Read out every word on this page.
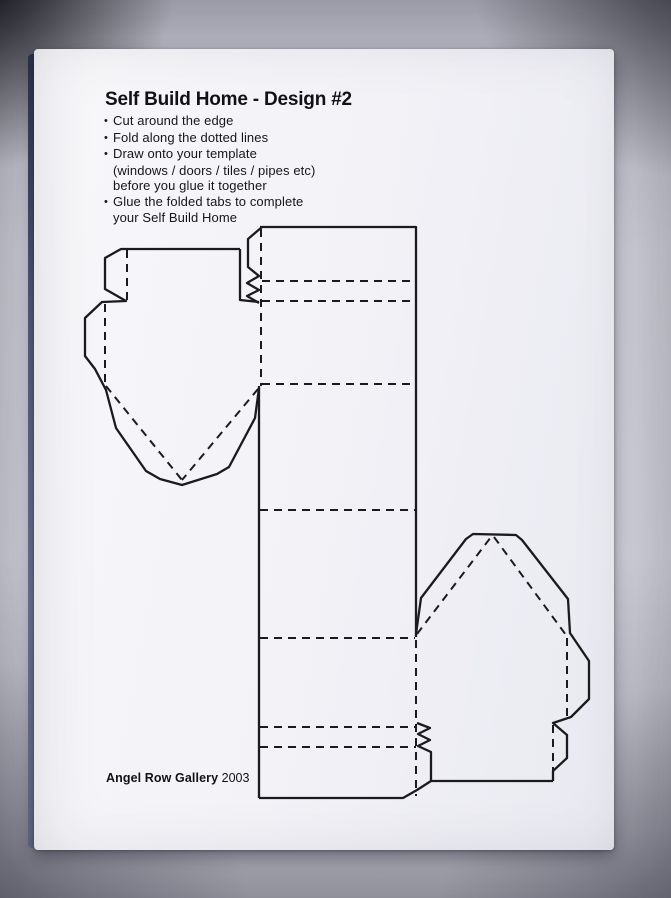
Self Build Home - Design #2
• Cut around the edge
• Fold along the dotted lines
• Draw onto your template
(windows / doors / tiles / pipes etc)
before you glue it together
• Glue the folded tabs to complete
your Self Build Home
Angel Row Gallery 2003
